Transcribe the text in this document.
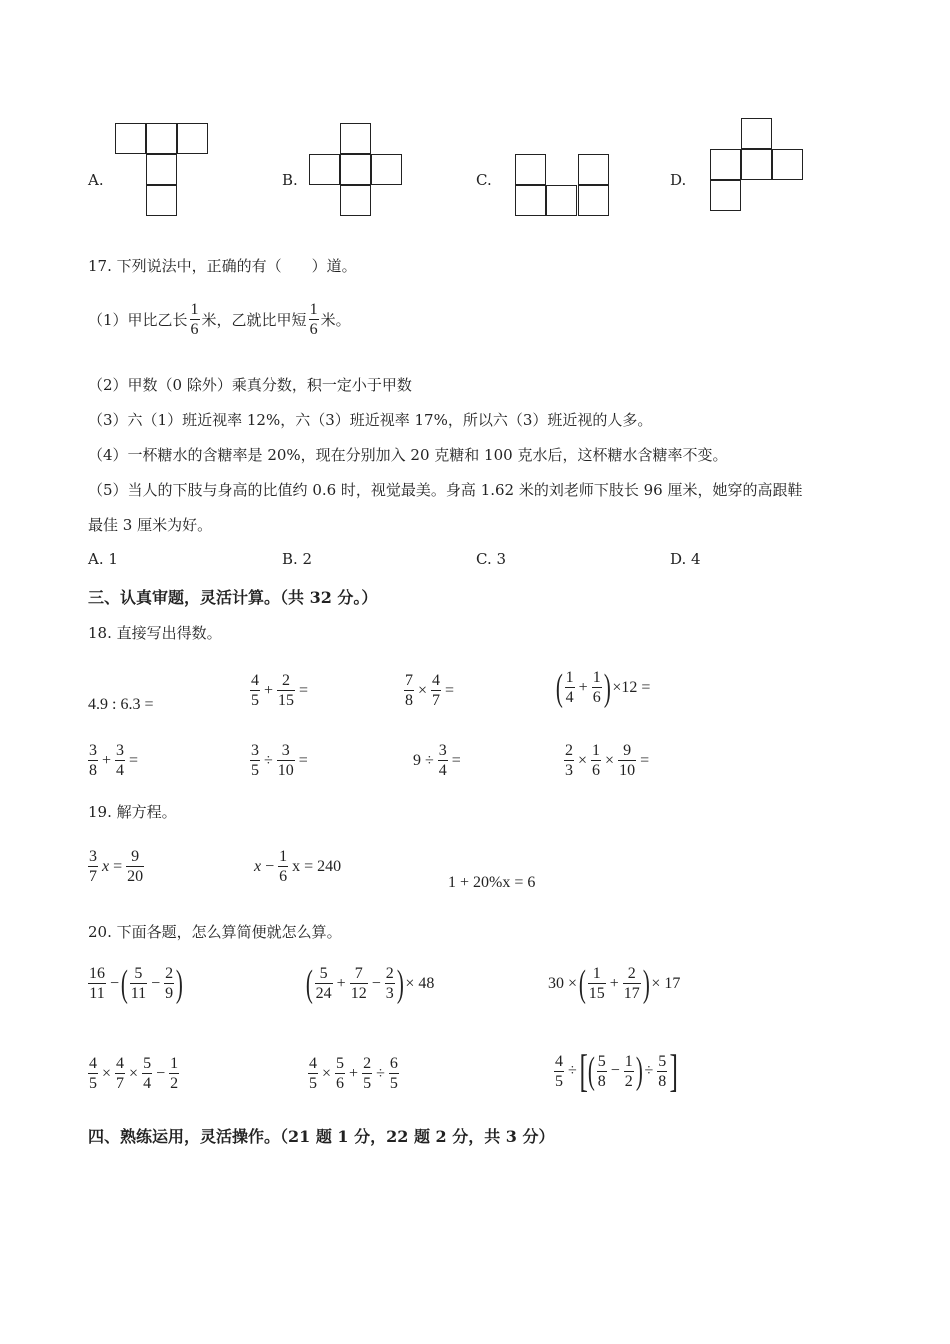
A.	B.	C.	D.
17. 下列说法中，正确的有（　　）道。
（1）甲比乙长 $\frac{1}{6}$ 米，乙就比甲短 $\frac{1}{6}$ 米。
（2）甲数（0 除外）乘真分数，积一定小于甲数
（3）六（1）班近视率 12%，六（3）班近视率 17%，所以六（3）班近视的人多。
（4）一杯糖水的含糖率是 20%，现在分别加入 20 克糖和 100 克水后，这杯糖水含糖率不变。
（5）当人的下肢与身高的比值约 0.6 时，视觉最美。身高 1.62 米的刘老师下肢长 96 厘米，她穿的高跟鞋
最佳 3 厘米为好。
A. 1	B. 2	C. 3	D. 4
三、认真审题，灵活计算。（共 32 分。）
18. 直接写出得数。
4.9 : 6.3 =	$\frac{4}{5} + \frac{2}{15}$ =	$\frac{7}{8} \times \frac{4}{7}$ =	( $\frac{1}{4} + \frac{1}{6}$ ) ×12 =
$\frac{3}{8} + \frac{3}{4}$ =	$\frac{3}{5} \div \frac{3}{10}$ =	$9 \div \frac{3}{4}$ =	$\frac{2}{3} \times \frac{1}{6} \times \frac{9}{10}$ =
19. 解方程。
$\frac{3}{7}$ $x = \frac{9}{20}$	$x - \frac{1}{6}$ x = 240
1 + 20%x = 6
20. 下面各题，怎么算简便就怎么算。
$\frac{16}{11}$ −( $\frac{5}{11} - \frac{2}{9}$ )	( $\frac{5}{24} + \frac{7}{12} - \frac{2}{3}$ ) × 48	30 ×( $\frac{1}{15} + \frac{2}{17}$ ) × 17
$\frac{4}{5} \times \frac{4}{7} \times \frac{5}{4} - \frac{1}{2}$	$\frac{4}{5} \times \frac{5}{6} + \frac{2}{5} \div \frac{6}{5}$	$\frac{4}{5}$ ÷[( $\frac{5}{8} - \frac{1}{2}$ ) ÷ $\frac{5}{8}$ ]
四、熟练运用，灵活操作。（21 题 1 分，22 题 2 分，共 3 分）
